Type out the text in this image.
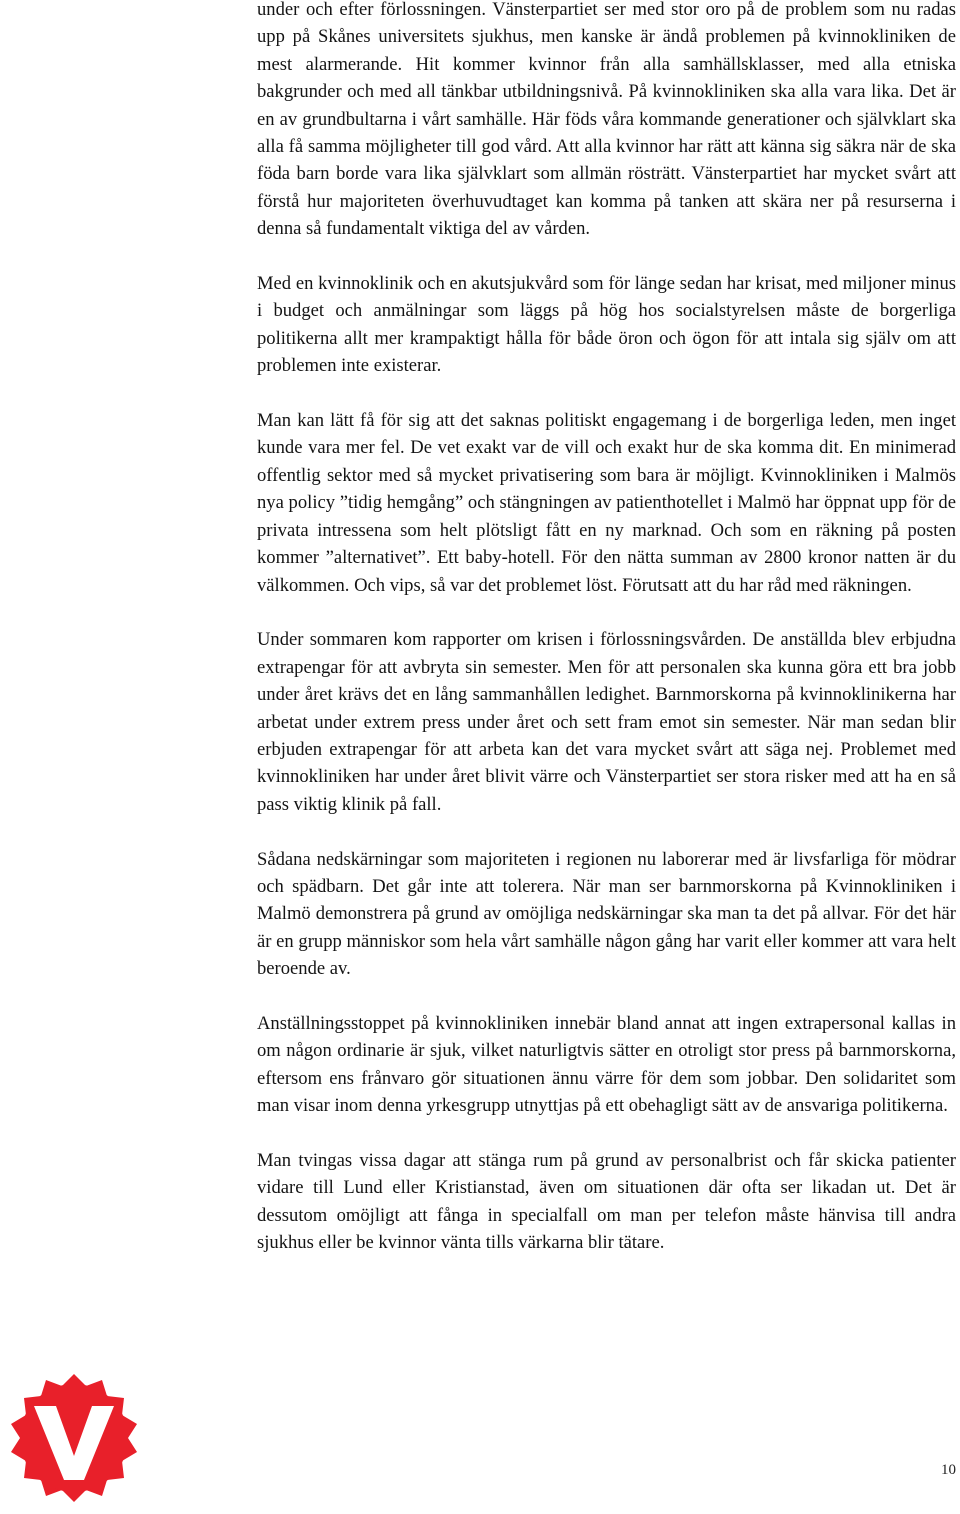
under och efter förlossningen. Vänsterpartiet ser med stor oro på de problem som nu radas upp på Skånes universitets sjukhus, men kanske är ändå problemen på kvinnokliniken de mest alarmerande. Hit kommer kvinnor från alla samhällsklasser, med alla etniska bakgrunder och med all tänkbar utbildningsnivå. På kvinnokliniken ska alla vara lika. Det är en av grundbultarna i vårt samhälle. Här föds våra kommande generationer och självklart ska alla få samma möjligheter till god vård. Att alla kvinnor har rätt att känna sig säkra när de ska föda barn borde vara lika självklart som allmän rösträtt. Vänsterpartiet har mycket svårt att förstå hur majoriteten överhuvudtaget kan komma på tanken att skära ner på resurserna i denna så fundamentalt viktiga del av vården.

Med en kvinnoklinik och en akutsjukvård som för länge sedan har krisat, med miljoner minus i budget och anmälningar som läggs på hög hos socialstyrelsen måste de borgerliga politikerna allt mer krampaktigt hålla för både öron och ögon för att intala sig själv om att problemen inte existerar.

Man kan lätt få för sig att det saknas politiskt engagemang i de borgerliga leden, men inget kunde vara mer fel. De vet exakt var de vill och exakt hur de ska komma dit. En minimerad offentlig sektor med så mycket privatisering som bara är möjligt. Kvinnokliniken i Malmös nya policy ”tidig hemgång” och stängningen av patienthotellet i Malmö har öppnat upp för de privata intressena som helt plötsligt fått en ny marknad. Och som en räkning på posten kommer ”alternativet”. Ett baby-hotell. För den nätta summan av 2800 kronor natten är du välkommen. Och vips, så var det problemet löst. Förutsatt att du har råd med räkningen.

Under sommaren kom rapporter om krisen i förlossningsvården. De anställda blev erbjudna extrapengar för att avbryta sin semester. Men för att personalen ska kunna göra ett bra jobb under året krävs det en lång sammanhållen ledighet. Barnmorskorna på kvinnoklinikerna har arbetat under extrem press under året och sett fram emot sin semester. När man sedan blir erbjuden extrapengar för att arbeta kan det vara mycket svårt att säga nej. Problemet med kvinnokliniken har under året blivit värre och Vänsterpartiet ser stora risker med att ha en så pass viktig klinik på fall.

Sådana nedskärningar som majoriteten i regionen nu laborerar med är livsfarliga för mödrar och spädbarn. Det går inte att tolerera. När man ser barnmorskorna på Kvinnokliniken i Malmö demonstrera på grund av omöjliga nedskärningar ska man ta det på allvar. För det här är en grupp människor som hela vårt samhälle någon gång har varit eller kommer att vara helt beroende av.

Anställningsstoppet på kvinnokliniken innebär bland annat att ingen extrapersonal kallas in om någon ordinarie är sjuk, vilket naturligtvis sätter en otroligt stor press på barnmorskorna, eftersom ens frånvaro gör situationen ännu värre för dem som jobbar. Den solidaritet som man visar inom denna yrkesgrupp utnyttjas på ett obehagligt sätt av de ansvariga politikerna.

Man tvingas vissa dagar att stänga rum på grund av personalbrist och får skicka patienter vidare till Lund eller Kristianstad, även om situationen där ofta ser likadan ut. Det är dessutom omöjligt att fånga in specialfall om man per telefon måste hänvisa till andra sjukhus eller be kvinnor vänta tills värkarna blir tätare.

10
